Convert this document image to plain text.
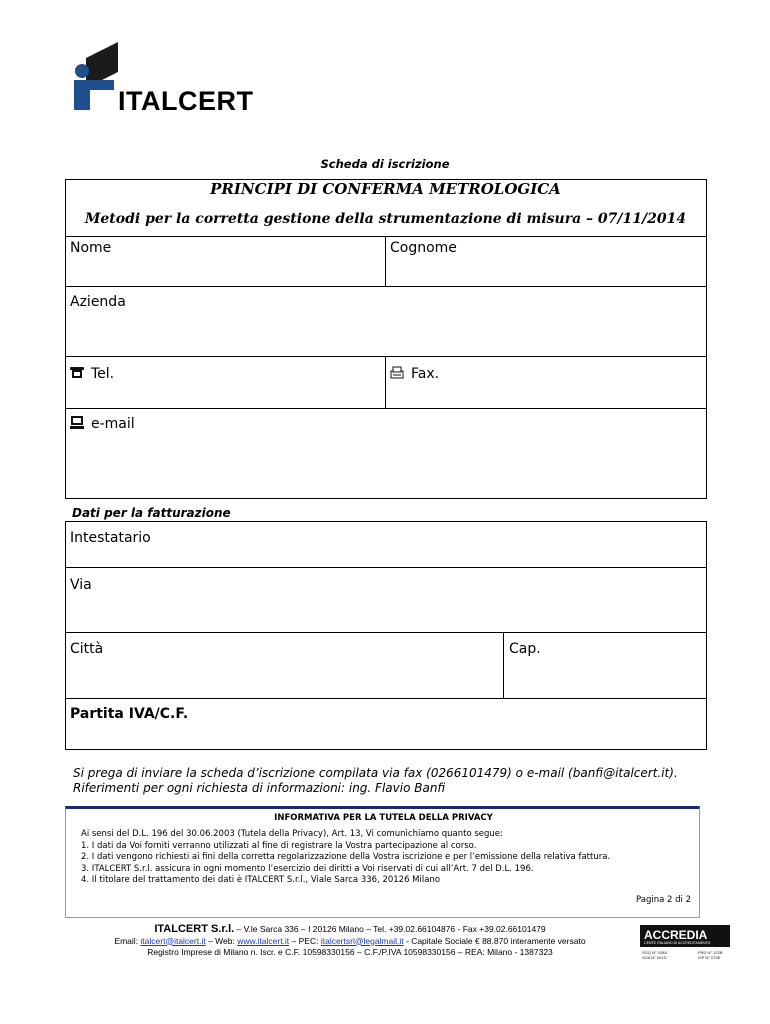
ITALCERT
Scheda di iscrizione
PRINCIPI DI CONFERMA METROLOGICA
Metodi per la corretta gestione della strumentazione di misura – 07/11/2014
Nome	Cognome
Azienda
Tel.	Fax.
e-mail
Dati per la fatturazione
Intestatario
Via
Città	Cap.
Partita IVA/C.F.
Si prega di inviare la scheda d’iscrizione compilata via fax (0266101479) o e-mail (banfi@italcert.it).
Riferimenti per ogni richiesta di informazioni: ing. Flavio Banfi
INFORMATIVA PER LA TUTELA DELLA PRIVACY
Ai sensi del D.L. 196 del 30.06.2003 (Tutela della Privacy), Art. 13, Vi comunichiamo quanto segue:
1. I dati da Voi forniti verranno utilizzati al fine di registrare la Vostra partecipazione al corso.
2. I dati vengono richiesti ai fini della corretta regolarizzazione della Vostra iscrizione e per l’emissione della relativa fattura.
3. ITALCERT S.r.l. assicura in ogni momento l’esercizio dei diritti a Voi riservati di cui all’Art. 7 del D.L. 196.
4. Il titolare del trattamento dei dati è ITALCERT S.r.l., Viale Sarca 336, 20126 Milano
Pagina 2 di 2
ITALCERT S.r.l. – V.le Sarca 336 – I 20126 Milano – Tel. +39.02.66104876 - Fax +39.02.66101479
Email: italcert@italcert.it – Web: www.italcert.it – PEC: italcertsrl@legalmail.it - Capitale Sociale € 88.870 interamente versato
Registro Imprese di Milano n. Iscr. e C.F. 10598330156 – C.F./P.IVA 10598330156 – REA: Milano - 1387323
ACCREDIA
L'ENTE ITALIANO DI ACCREDITAMENTO
SGQ N° 015A
SGA N° 001D
PRD N° 122B
ISP N° 075E
